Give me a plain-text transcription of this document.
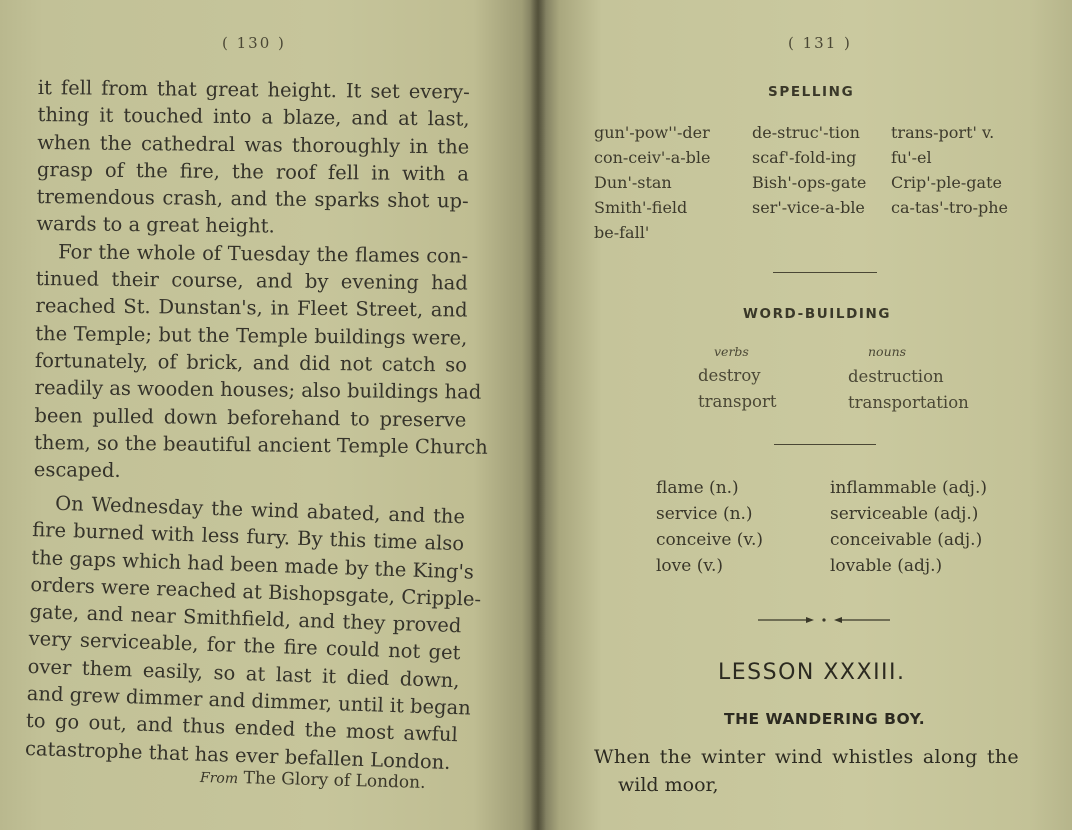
( 130 )

it fell from that great height. It set every-
thing it touched into a blaze, and at last,
when the cathedral was thoroughly in the
grasp of the fire, the roof fell in with a
tremendous crash, and the sparks shot up-
wards to a great height.

For the whole of Tuesday the flames con-
tinued their course, and by evening had
reached St. Dunstan's, in Fleet Street, and
the Temple; but the Temple buildings were,
fortunately, of brick, and did not catch so
readily as wooden houses; also buildings had
been pulled down beforehand to preserve
them, so the beautiful ancient Temple Church
escaped.

On Wednesday the wind abated, and the
fire burned with less fury. By this time also
the gaps which had been made by the King's
orders were reached at Bishopsgate, Cripple-
gate, and near Smithfield, and they proved
very serviceable, for the fire could not get
over them easily, so at last it died down,
and grew dimmer and dimmer, until it began
to go out, and thus ended the most awful
catastrophe that has ever befallen London.

From The Glory of London.
( 131 )
SPELLING
gun'-pow''-der
con-ceiv'-a-ble
Dun'-stan
Smith'-field
be-fall'
de-struc'-tion
scaf'-fold-ing
Bish'-ops-gate
ser'-vice-a-ble
trans-port' v.
fu'-el
Crip'-ple-gate
ca-tas'-tro-phe
WORD-BUILDING
verbs	nouns
destroy
transport
destruction
transportation
flame (n.)
service (n.)
conceive (v.)
love (v.)
inflammable (adj.)
serviceable (adj.)
conceivable (adj.)
lovable (adj.)
LESSON XXXIII.
THE WANDERING BOY.
When the winter wind whistles along the
wild moor,
